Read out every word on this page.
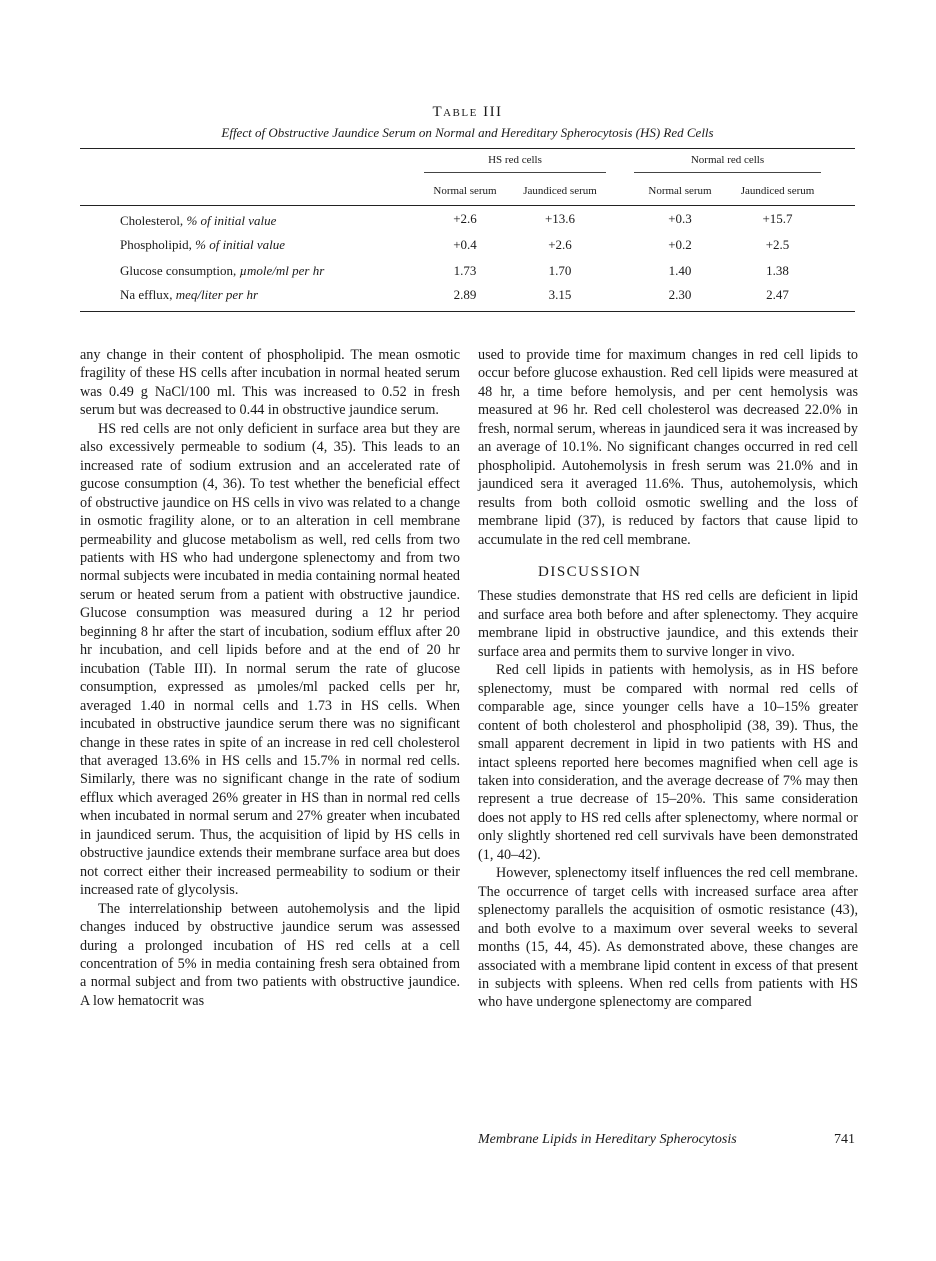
Table III
Effect of Obstructive Jaundice Serum on Normal and Hereditary Spherocytosis (HS) Red Cells

	HS red cells			Normal red cells		

	Normal serum	Jaundiced serum		Normal serum	Jaundiced serum	
Cholesterol, % of initial value	+2.6	+13.6		+0.3	+15.7	
Phospholipid, % of initial value	+0.4	+2.6		+0.2	+2.5	
Glucose consumption, µmole/ml per hr	1.73	1.70		1.40	1.38	
Na efflux, meq/liter per hr	2.89	3.15		2.30	2.47	

any change in their content of phospholipid. The mean osmotic fragility of these HS cells after incubation in normal heated serum was 0.49 g NaCl/100 ml. This was increased to 0.52 in fresh serum but was decreased to 0.44 in obstructive jaundice serum.

HS red cells are not only deficient in surface area but they are also excessively permeable to sodium (4, 35). This leads to an increased rate of sodium extrusion and an accelerated rate of gucose consumption (4, 36). To test whether the beneficial effect of obstructive jaundice on HS cells in vivo was related to a change in osmotic fragility alone, or to an alteration in cell membrane permeability and glucose metabolism as well, red cells from two patients with HS who had undergone splenectomy and from two normal subjects were incubated in media containing normal heated serum or heated serum from a patient with obstructive jaundice. Glucose consumption was measured during a 12 hr period beginning 8 hr after the start of incubation, sodium efflux after 20 hr incubation, and cell lipids before and at the end of 20 hr incubation (Table III). In normal serum the rate of glucose consumption, expressed as µmoles/ml packed cells per hr, averaged 1.40 in normal cells and 1.73 in HS cells. When incubated in obstructive jaundice serum there was no significant change in these rates in spite of an increase in red cell cholesterol that averaged 13.6% in HS cells and 15.7% in normal red cells. Similarly, there was no significant change in the rate of sodium efflux which averaged 26% greater in HS than in normal red cells when incubated in normal serum and 27% greater when incubated in jaundiced serum. Thus, the acquisition of lipid by HS cells in obstructive jaundice extends their membrane surface area but does not correct either their increased permeability to sodium or their increased rate of glycolysis.

The interrelationship between autohemolysis and the lipid changes induced by obstructive jaundice serum was assessed during a prolonged incubation of HS red cells at a cell concentration of 5% in media containing fresh sera obtained from a normal subject and from two patients with obstructive jaundice. A low hematocrit was

used to provide time for maximum changes in red cell lipids to occur before glucose exhaustion. Red cell lipids were measured at 48 hr, a time before hemolysis, and per cent hemolysis was measured at 96 hr. Red cell cholesterol was decreased 22.0% in fresh, normal serum, whereas in jaundiced sera it was increased by an average of 10.1%. No significant changes occurred in red cell phospholipid. Autohemolysis in fresh serum was 21.0% and in jaundiced sera it averaged 11.6%. Thus, autohemolysis, which results from both colloid osmotic swelling and the loss of membrane lipid (37), is reduced by factors that cause lipid to accumulate in the red cell membrane.

DISCUSSION

These studies demonstrate that HS red cells are deficient in lipid and surface area both before and after splenectomy. They acquire membrane lipid in obstructive jaundice, and this extends their surface area and permits them to survive longer in vivo.

Red cell lipids in patients with hemolysis, as in HS before splenectomy, must be compared with normal red cells of comparable age, since younger cells have a 10–15% greater content of both cholesterol and phospholipid (38, 39). Thus, the small apparent decrement in lipid in two patients with HS and intact spleens reported here becomes magnified when cell age is taken into consideration, and the average decrease of 7% may then represent a true decrease of 15–20%. This same consideration does not apply to HS red cells after splenectomy, where normal or only slightly shortened red cell survivals have been demonstrated (1, 40–42).

However, splenectomy itself influences the red cell membrane. The occurrence of target cells with increased surface area after splenectomy parallels the acquisition of osmotic resistance (43), and both evolve to a maximum over several weeks to several months (15, 44, 45). As demonstrated above, these changes are associated with a membrane lipid content in excess of that present in subjects with spleens. When red cells from patients with HS who have undergone splenectomy are compared

Membrane Lipids in Hereditary Spherocytosis	741
